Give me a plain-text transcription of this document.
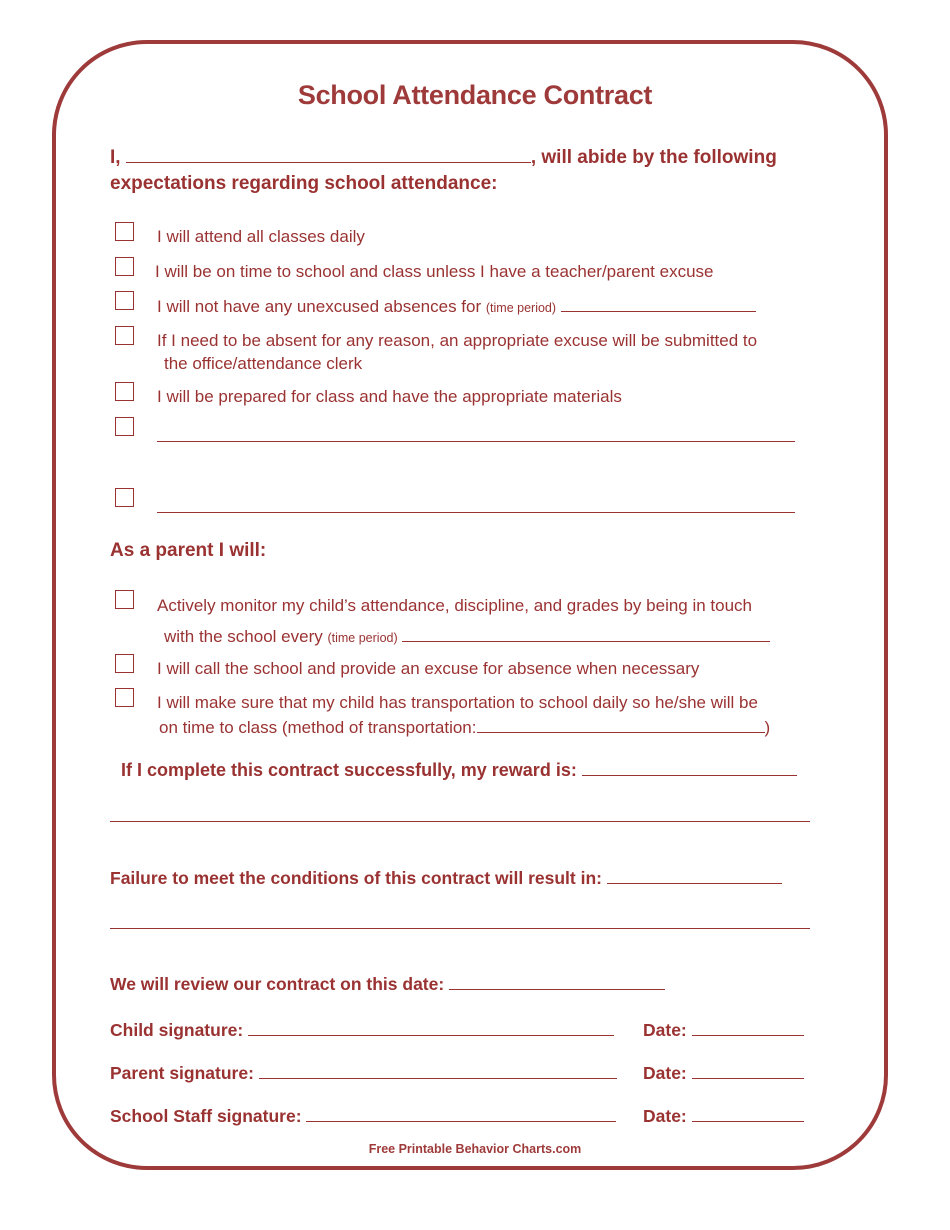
School Attendance Contract
I,	, will abide by the following
expectations regarding school attendance:
I will attend all classes daily
I will be on time to school and class unless I have a teacher/parent excuse
I will not have any unexcused absences for (time period)
If I need to be absent for any reason, an appropriate excuse will be submitted to
the office/attendance clerk
I will be prepared for class and have the appropriate materials
As a parent I will:
Actively monitor my child’s attendance, discipline, and grades by being in touch
with the school every (time period)
I will call the school and provide an excuse for absence when necessary
I will make sure that my child has transportation to school daily so he/she will be
on time to class (method of transportation:	)
If I complete this contract successfully, my reward is:
Failure to meet the conditions of this contract will result in:
We will review our contract on this date:
Child signature:	Date:
Parent signature:	Date:
School Staff signature:	Date:
Free Printable Behavior Charts.com
